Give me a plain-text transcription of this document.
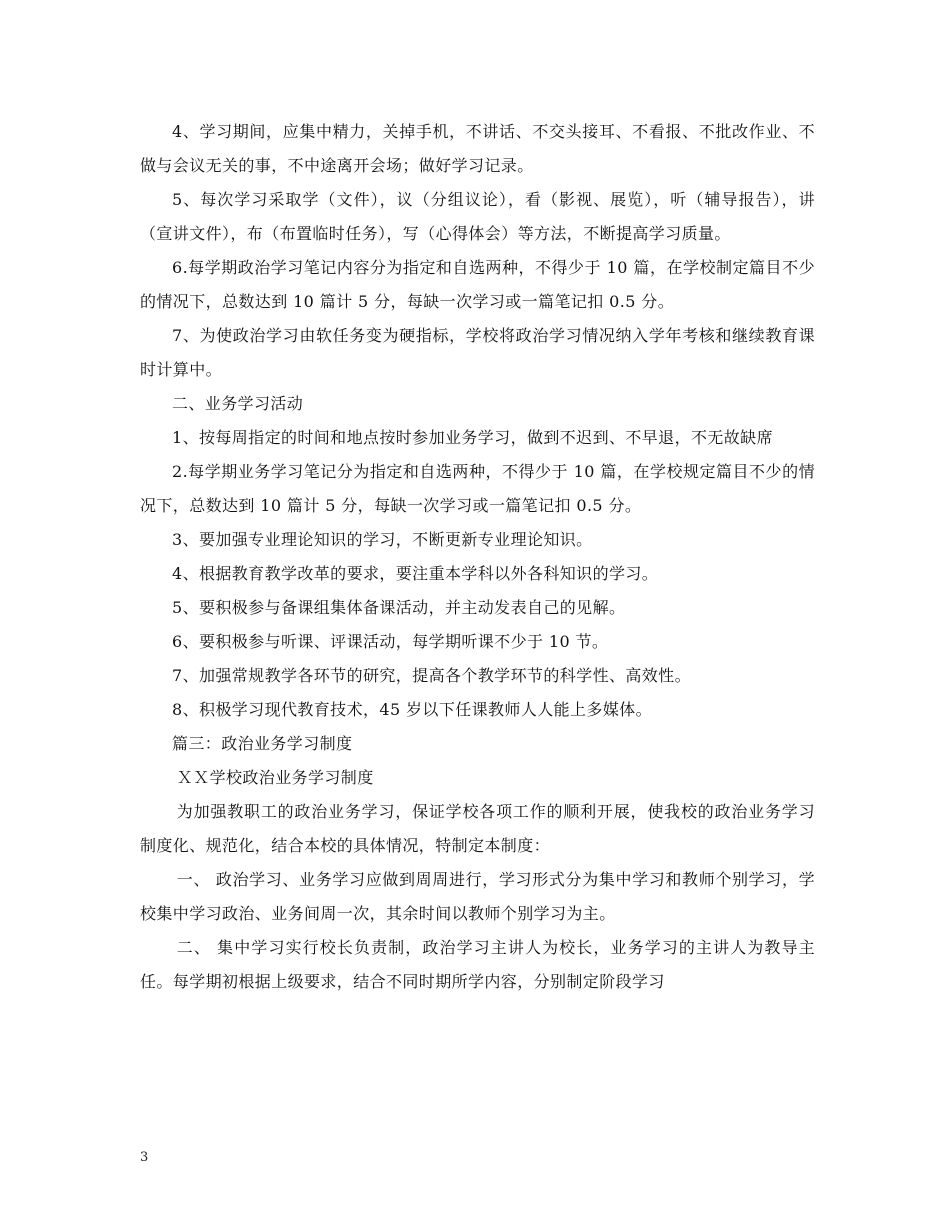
4、学习期间，应集中精力，关掉手机，不讲话、不交头接耳、不看报、不批改作业、不做与会议无关的事，不中途离开会场；做好学习记录。

5、每次学习采取学（文件），议（分组议论），看（影视、展览），听（辅导报告），讲（宣讲文件），布（布置临时任务），写（心得体会）等方法，不断提高学习质量。

6.每学期政治学习笔记内容分为指定和自选两种，不得少于 10 篇，在学校制定篇目不少的情况下，总数达到 10 篇计 5 分，每缺一次学习或一篇笔记扣 0.5 分。

7、为使政治学习由软任务变为硬指标，学校将政治学习情况纳入学年考核和继续教育课时计算中。

二、业务学习活动

1、按每周指定的时间和地点按时参加业务学习，做到不迟到、不早退，不无故缺席

2.每学期业务学习笔记分为指定和自选两种，不得少于 10 篇，在学校规定篇目不少的情况下，总数达到 10 篇计 5 分，每缺一次学习或一篇笔记扣 0.5 分。

3、要加强专业理论知识的学习，不断更新专业理论知识。

4、根据教育教学改革的要求，要注重本学科以外各科知识的学习。

5、要积极参与备课组集体备课活动，并主动发表自己的见解。

6、要积极参与听课、评课活动，每学期听课不少于 10 节。

7、加强常规教学各环节的研究，提高各个教学环节的科学性、高效性。

8、积极学习现代教育技术，45 岁以下任课教师人人能上多媒体。

篇三：政治业务学习制度

ＸＸ学校政治业务学习制度

为加强教职工的政治业务学习，保证学校各项工作的顺利开展，使我校的政治业务学习制度化、规范化，结合本校的具体情况，特制定本制度：

一、 政治学习、业务学习应做到周周进行，学习形式分为集中学习和教师个别学习，学校集中学习政治、业务间周一次，其余时间以教师个别学习为主。

二、 集中学习实行校长负责制，政治学习主讲人为校长，业务学习的主讲人为教导主任。每学期初根据上级要求，结合不同时期所学内容，分别制定阶段学习

3
